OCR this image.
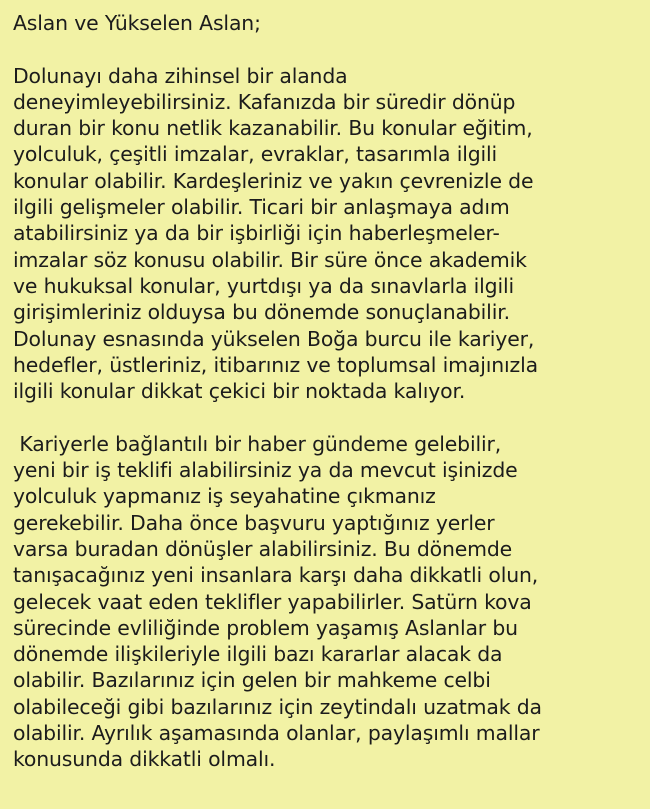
Aslan ve Yükselen Aslan;
Dolunayı daha zihinsel bir alanda
deneyimleyebilirsiniz. Kafanızda bir süredir dönüp
duran bir konu netlik kazanabilir. Bu konular eğitim,
yolculuk, çeşitli imzalar, evraklar, tasarımla ilgili
konular olabilir. Kardeşleriniz ve yakın çevrenizle de
ilgili gelişmeler olabilir. Ticari bir anlaşmaya adım
atabilirsiniz ya da bir işbirliği için haberleşmeler-
imzalar söz konusu olabilir. Bir süre önce akademik
ve hukuksal konular, yurtdışı ya da sınavlarla ilgili
girişimleriniz olduysa bu dönemde sonuçlanabilir.
Dolunay esnasında yükselen Boğa burcu ile kariyer,
hedefler, üstleriniz, itibarınız ve toplumsal imajınızla
ilgili konular dikkat çekici bir noktada kalıyor.
Kariyerle bağlantılı bir haber gündeme gelebilir,
yeni bir iş teklifi alabilirsiniz ya da mevcut işinizde
yolculuk yapmanız iş seyahatine çıkmanız
gerekebilir. Daha önce başvuru yaptığınız yerler
varsa buradan dönüşler alabilirsiniz. Bu dönemde
tanışacağınız yeni insanlara karşı daha dikkatli olun,
gelecek vaat eden teklifler yapabilirler. Satürn kova
sürecinde evliliğinde problem yaşamış Aslanlar bu
dönemde ilişkileriyle ilgili bazı kararlar alacak da
olabilir. Bazılarınız için gelen bir mahkeme celbi
olabileceği gibi bazılarınız için zeytindalı uzatmak da
olabilir. Ayrılık aşamasında olanlar, paylaşımlı mallar
konusunda dikkatli olmalı.
